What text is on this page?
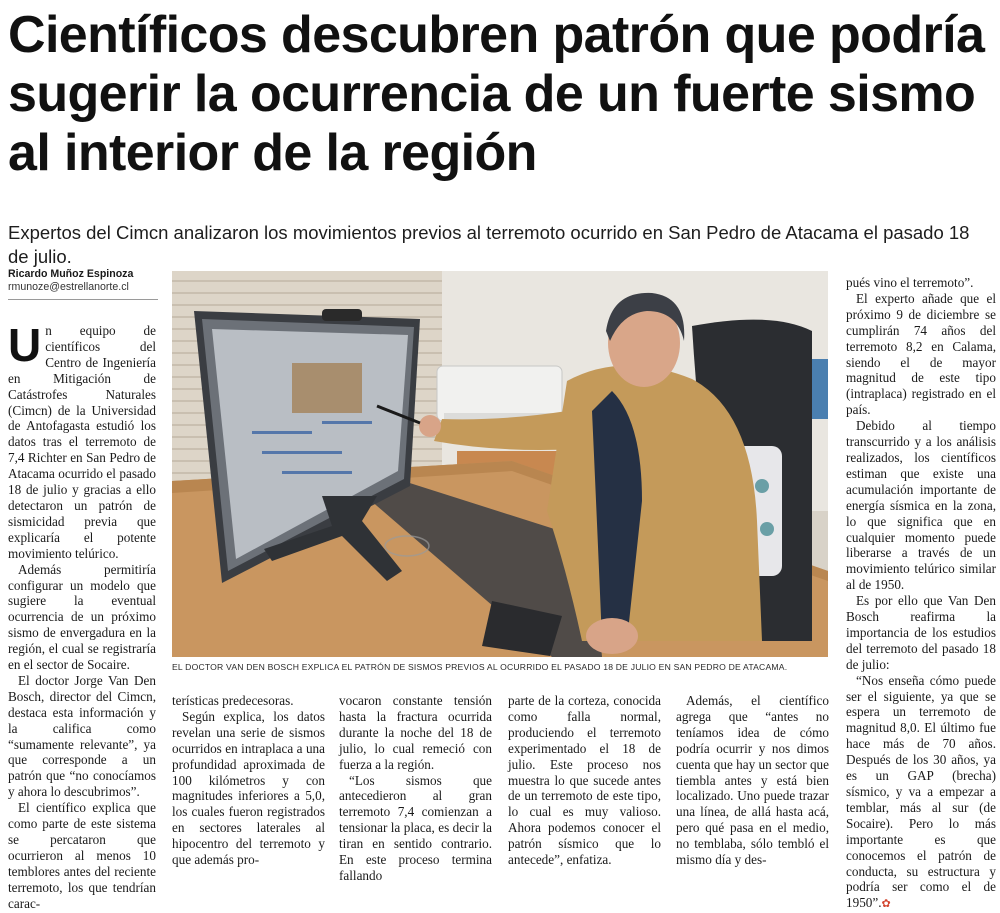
Científicos descubren patrón que podría sugerir la ocurrencia de un fuerte sismo al interior de la región

Expertos del Cimcn analizaron los movimientos previos al terremoto ocurrido en San Pedro de Atacama el pasado 18 de julio.

Ricardo Muñoz Espinoza
rmunoze@estrellanorte.cl
U n equipo de científicos del Centro de Ingeniería en Mitigación de Catástrofes Naturales (Cimcn) de la Universidad de Antofagasta estudió los datos tras el terremoto de 7,4 Richter en San Pedro de Atacama ocurrido el pasado 18 de julio y gracias a ello detectaron un patrón de sismicidad previa que explicaría el potente movimiento telúrico.

Además permitiría configurar un modelo que sugiere la eventual ocurrencia de un próximo sismo de envergadura en la región, el cual se registraría en el sector de Socaire.

El doctor Jorge Van Den Bosch, director del Cimcn, destaca esta información y la califica como “sumamente relevante”, ya que corresponde a un patrón que “no conocíamos y ahora lo descubrimos”.

El científico explica que como parte de este sistema se percataron que ocurrieron al menos 10 temblores antes del reciente terremoto, los que tendrían carac-

EL DOCTOR VAN DEN BOSCH EXPLICA EL PATRÓN DE SISMOS PREVIOS AL OCURRIDO EL PASADO 18 DE JULIO EN SAN PEDRO DE ATACAMA.

terísticas predecesoras.

Según explica, los datos revelan una serie de sismos ocurridos en intraplaca a una profundidad aproximada de 100 kilómetros y con magnitudes inferiores a 5,0, los cuales fueron registrados en sectores laterales al hipocentro del terremoto y que además pro-

vocaron constante tensión hasta la fractura ocurrida durante la noche del 18 de julio, lo cual remeció con fuerza a la región.

“Los sismos que antecedieron al gran terremoto 7,4 comienzan a tensionar la placa, es decir la tiran en sentido contrario. En este proceso termina fallando

parte de la corteza, conocida como falla normal, produciendo el terremoto experimentado el 18 de julio. Este proceso nos muestra lo que sucede antes de un terremoto de este tipo, lo cual es muy valioso. Ahora podemos conocer el patrón sísmico que lo antecede”, enfatiza.

Además, el científico agrega que “antes no teníamos idea de cómo podría ocurrir y nos dimos cuenta que hay un sector que tiembla antes y está bien localizado. Uno puede trazar una línea, de allá hasta acá, pero qué pasa en el medio, no temblaba, sólo tembló el mismo día y des-

pués vino el terremoto”.

El experto añade que el próximo 9 de diciembre se cumplirán 74 años del terremoto 8,2 en Calama, siendo el de mayor magnitud de este tipo (intraplaca) registrado en el país.

Debido al tiempo transcurrido y a los análisis realizados, los científicos estiman que existe una acumulación importante de energía sísmica en la zona, lo que significa que en cualquier momento puede liberarse a través de un movimiento telúrico similar al de 1950.

Es por ello que Van Den Bosch reafirma la importancia de los estudios del terremoto del pasado 18 de julio:

“Nos enseña cómo puede ser el siguiente, ya que se espera un terremoto de magnitud 8,0. El último fue hace más de 70 años. Después de los 30 años, ya es un GAP (brecha) sísmico, y va a empezar a temblar, más al sur (de Socaire). Pero lo más importante es que conocemos el patrón de conducta, su estructura y podría ser como el de 1950”.✿
